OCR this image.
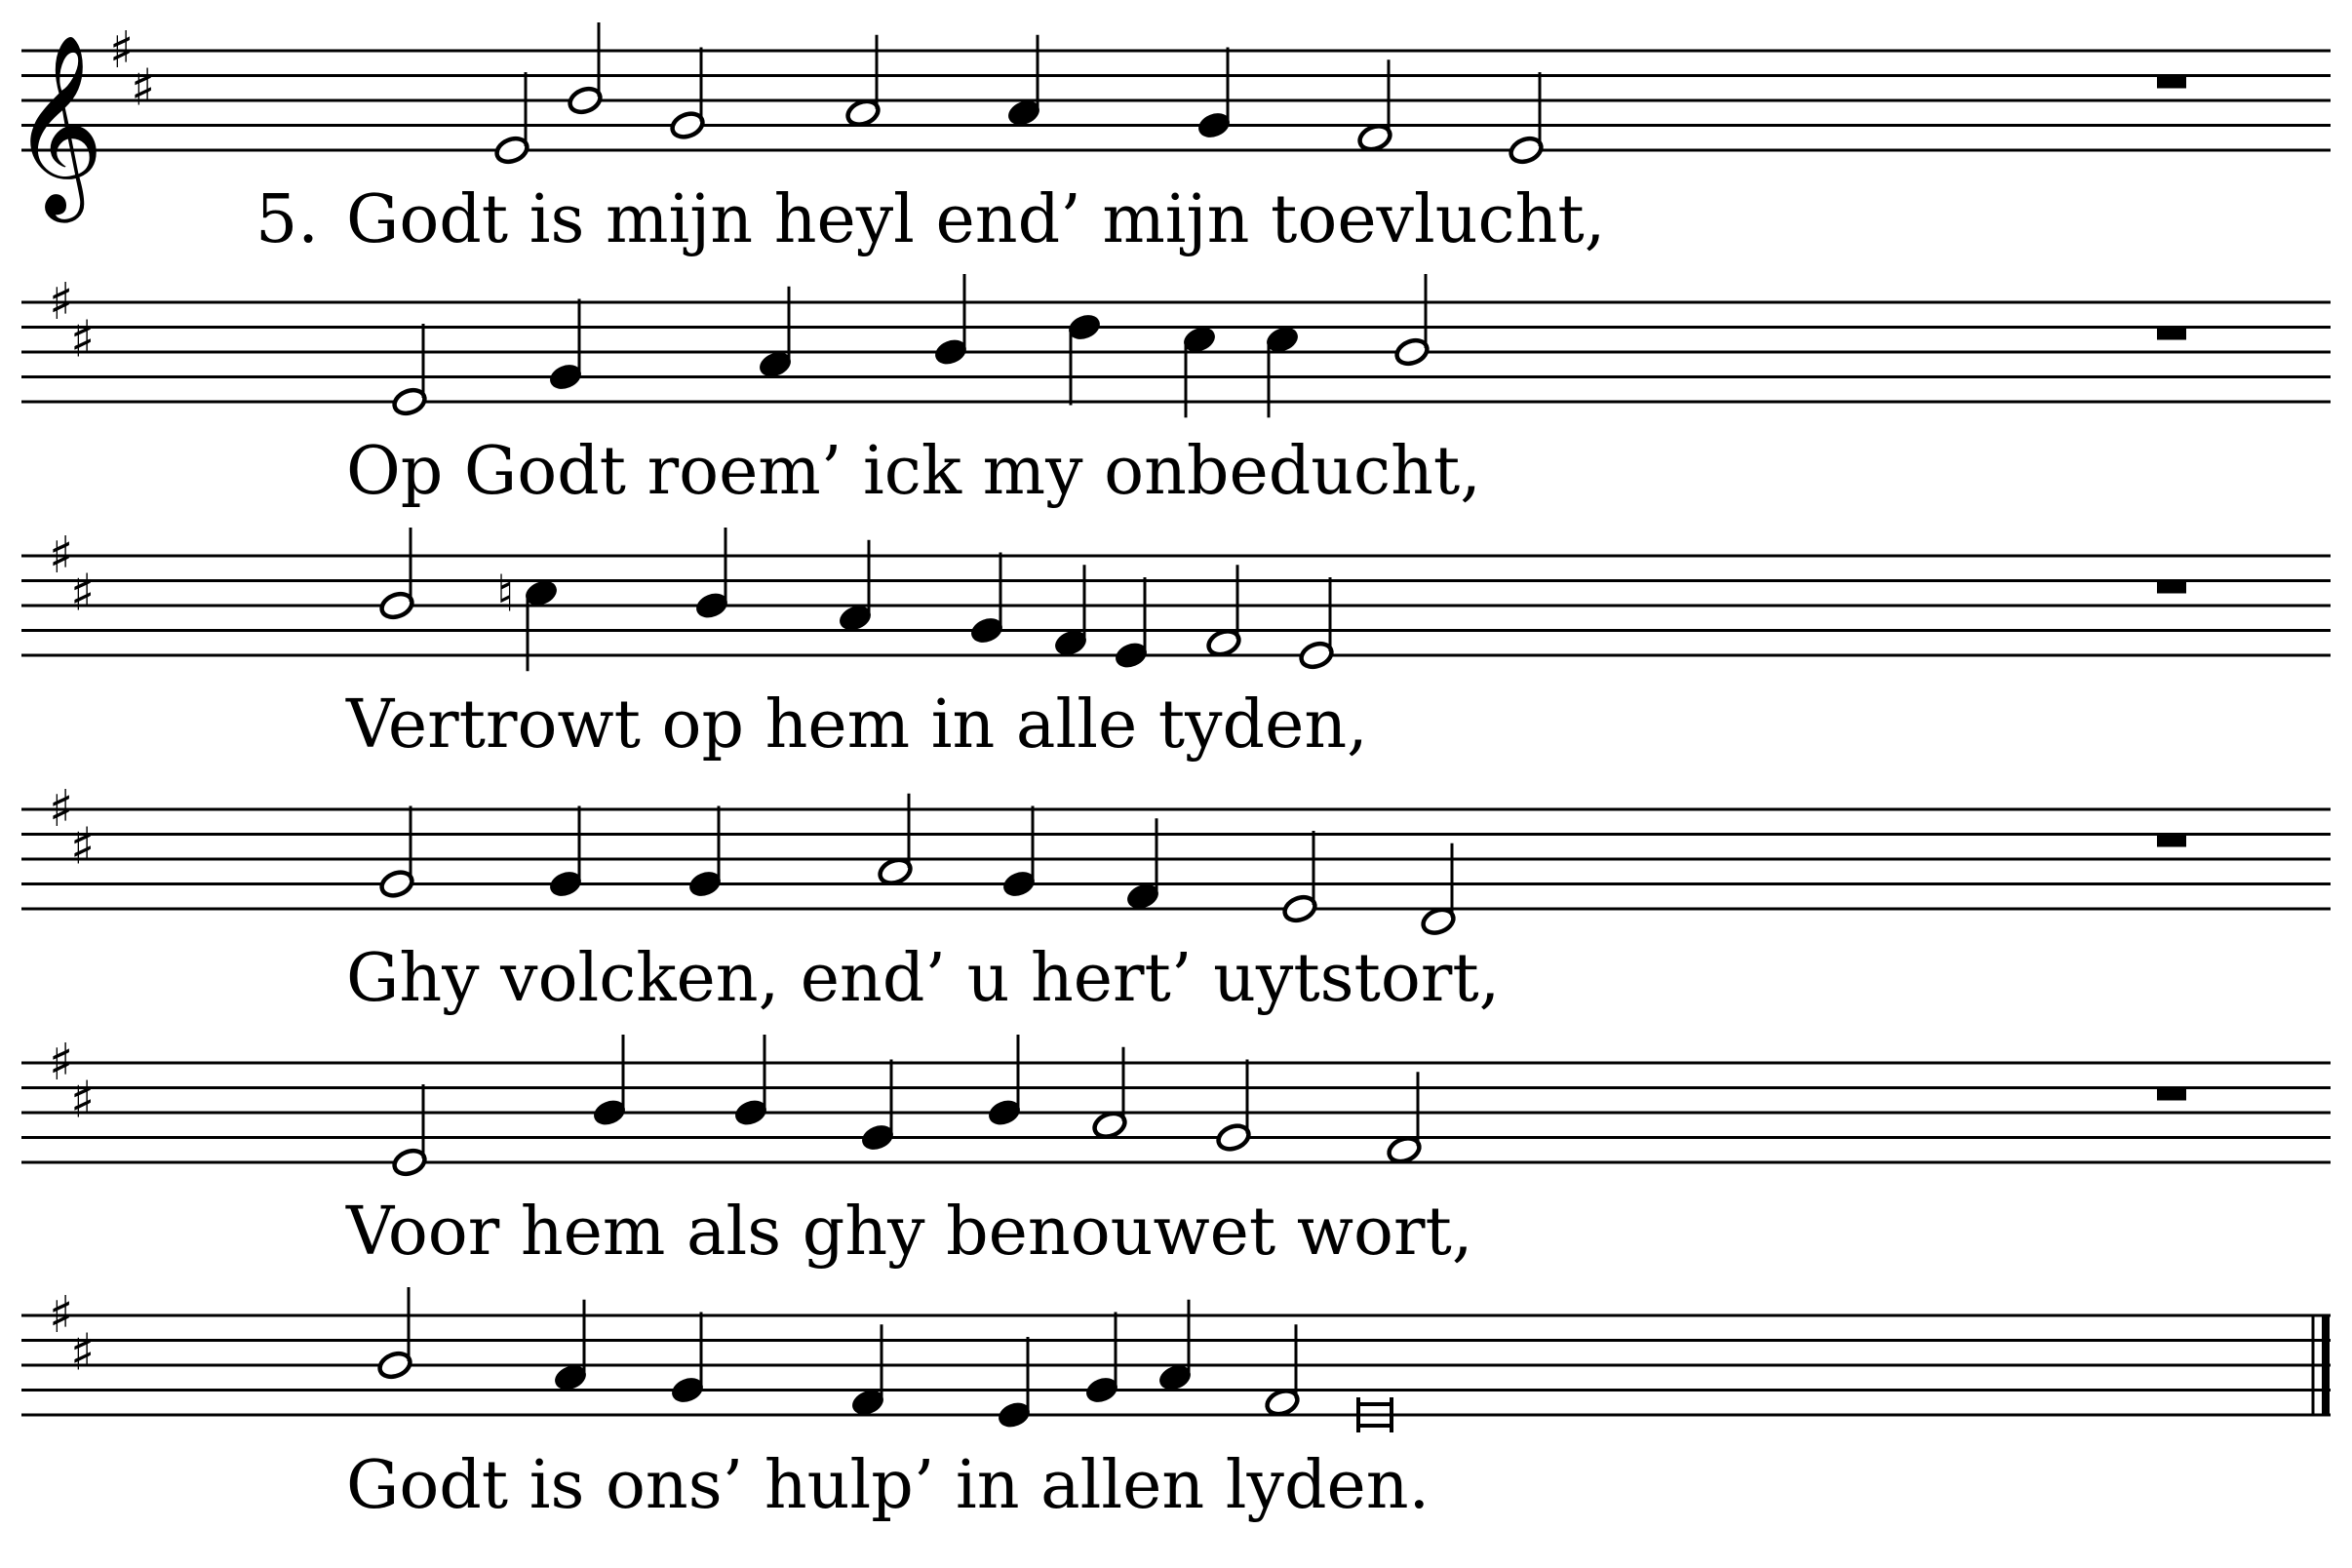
𝄞 ♯
♯
♯
♯
♯
♯	♮
♯
♯
♯
♯
♯
♯
5. Godt is mijn heyl end’ mijn toevlucht,
Op Godt roem’ ick my onbeducht,
Vertrowt op hem in alle tyden,
Ghy volcken, end’ u hert’ uytstort,
Voor hem als ghy benouwet wort,
Godt is ons’ hulp’ in allen lyden.
